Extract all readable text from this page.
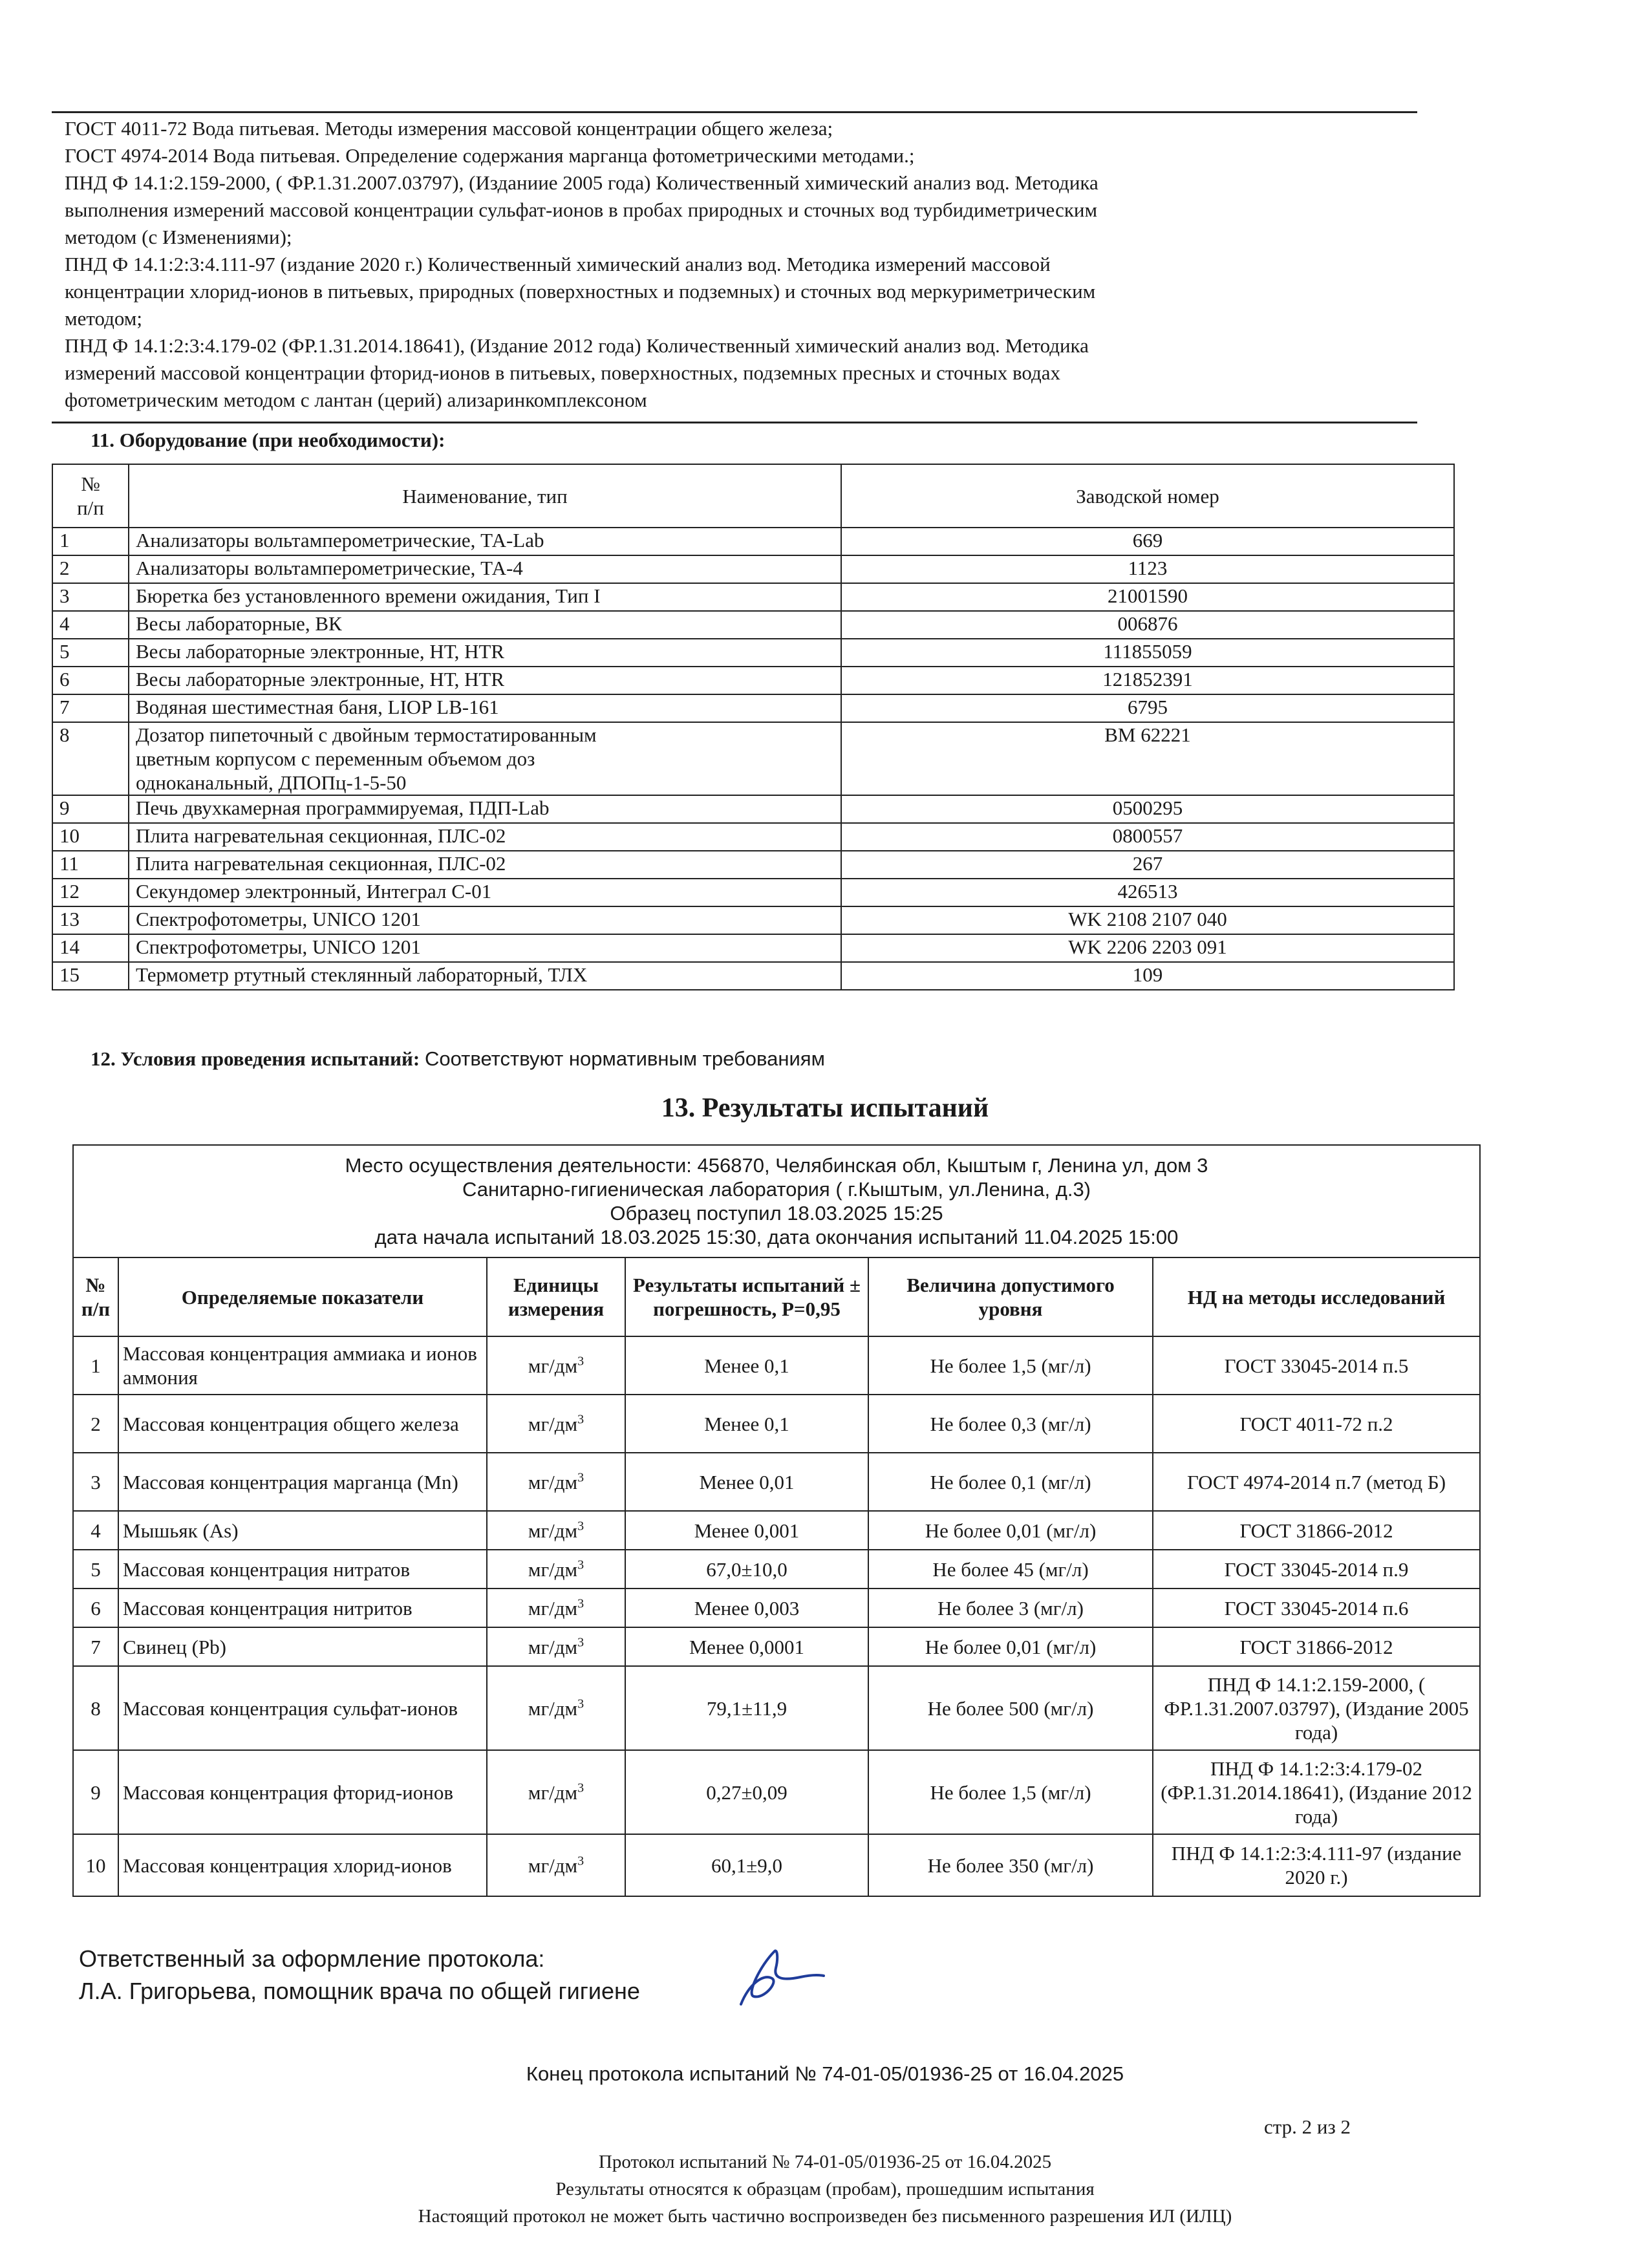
ГОСТ 4011-72 Вода питьевая. Методы измерения массовой концентрации общего железа;
ГОСТ 4974-2014 Вода питьевая. Определение содержания марганца фотометрическими методами.;
ПНД Ф 14.1:2.159-2000, ( ФР.1.31.2007.03797), (Изданиие 2005 года) Количественный химический анализ вод. Методика
выполнения измерений массовой концентрации сульфат-ионов в пробах природных и сточных вод турбидиметрическим
методом (с Изменениями);
ПНД Ф 14.1:2:3:4.111-97 (издание 2020 г.) Количественный химический анализ вод. Методика измерений массовой
концентрации хлорид-ионов в питьевых, природных (поверхностных и подземных) и сточных вод меркуриметрическим
методом;
ПНД Ф 14.1:2:3:4.179-02 (ФР.1.31.2014.18641), (Издание 2012 года) Количественный химический анализ вод. Методика
измерений массовой концентрации фторид-ионов в питьевых, поверхностных, подземных пресных и сточных водах
фотометрическим методом с лантан (церий) ализаринкомплексоном
11. Оборудование (при необходимости):
№
п/п	Наименование, тип	Заводской номер
1	Анализаторы вольтамперометрические, ТА-Lab	669
2	Анализаторы вольтамперометрические, ТА-4	1123
3	Бюретка без установленного времени ожидания, Тип I	21001590
4	Весы лабораторные, ВК	006876
5	Весы лабораторные электронные, НТ, HTR	111855059
6	Весы лабораторные электронные, НТ, HTR	121852391
7	Водяная шестиместная баня, LIOP LB-161	6795
8	Дозатор пипеточный с двойным термостатированным цветным корпусом с переменным объемом доз одноканальный, ДПОПц-1-5-50	BM 62221
9	Печь двухкамерная программируемая, ПДП-Lab	0500295
10	Плита нагревательная секционная, ПЛС-02	0800557
11	Плита нагревательная секционная, ПЛС-02	267
12	Секундомер электронный, Интеграл С-01	426513
13	Спектрофотометры, UNICO 1201	WK 2108 2107 040
14	Спектрофотометры, UNICO 1201	WK 2206 2203 091
15	Термометр ртутный стеклянный лабораторный, ТЛХ	109
12. Условия проведения испытаний: Соответствуют нормативным требованиям
13. Результаты испытаний
Место осуществления деятельности: 456870, Челябинская обл, Кыштым г, Ленина ул, дом 3
Санитарно-гигиеническая лаборатория ( г.Кыштым, ул.Ленина, д.3)
Образец поступил 18.03.2025 15:25
дата начала испытаний 18.03.2025 15:30, дата окончания испытаний 11.04.2025 15:00					

№ п/п	Определяемые показатели	Единицы измерения	Результаты испытаний ± погрешность, P=0,95	Величина допустимого уровня	НД на методы исследований
1	Массовая концентрация аммиака и ионов аммония	$мг/дм^3$	Менее 0,1	Не более 1,5 (мг/л)	ГОСТ 33045-2014 п.5
2	Массовая концентрация общего железа	$мг/дм^3$	Менее 0,1	Не более 0,3 (мг/л)	ГОСТ 4011-72 п.2
3	Массовая концентрация марганца (Mn)	$мг/дм^3$	Менее 0,01	Не более 0,1 (мг/л)	ГОСТ 4974-2014 п.7 (метод Б)
4	Мышьяк (As)	$мг/дм^3$	Менее 0,001	Не более 0,01 (мг/л)	ГОСТ 31866-2012
5	Массовая концентрация нитратов	$мг/дм^3$	67,0±10,0	Не более 45 (мг/л)	ГОСТ 33045-2014 п.9
6	Массовая концентрация нитритов	$мг/дм^3$	Менее 0,003	Не более 3 (мг/л)	ГОСТ 33045-2014 п.6
7	Свинец (Pb)	$мг/дм^3$	Менее 0,0001	Не более 0,01 (мг/л)	ГОСТ 31866-2012
8	Массовая концентрация сульфат-ионов	$мг/дм^3$	79,1±11,9	Не более 500 (мг/л)	ПНД Ф 14.1:2.159-2000, ( ФР.1.31.2007.03797), (Издание 2005 года)
9	Массовая концентрация фторид-ионов	$мг/дм^3$	0,27±0,09	Не более 1,5 (мг/л)	ПНД Ф 14.1:2:3:4.179-02 (ФР.1.31.2014.18641), (Издание 2012 года)
10	Массовая концентрация хлорид-ионов	$мг/дм^3$	60,1±9,0	Не более 350 (мг/л)	ПНД Ф 14.1:2:3:4.111-97 (издание 2020 г.)
Ответственный за оформление протокола:
Л.А. Григорьева, помощник врача по общей гигиене
Конец протокола испытаний № 74-01-05/01936-25 от 16.04.2025
стр. 2 из 2
Протокол испытаний № 74-01-05/01936-25 от 16.04.2025
Результаты относятся к образцам (пробам), прошедшим испытания
Настоящий протокол не может быть частично воспроизведен без письменного разрешения ИЛ (ИЛЦ)
